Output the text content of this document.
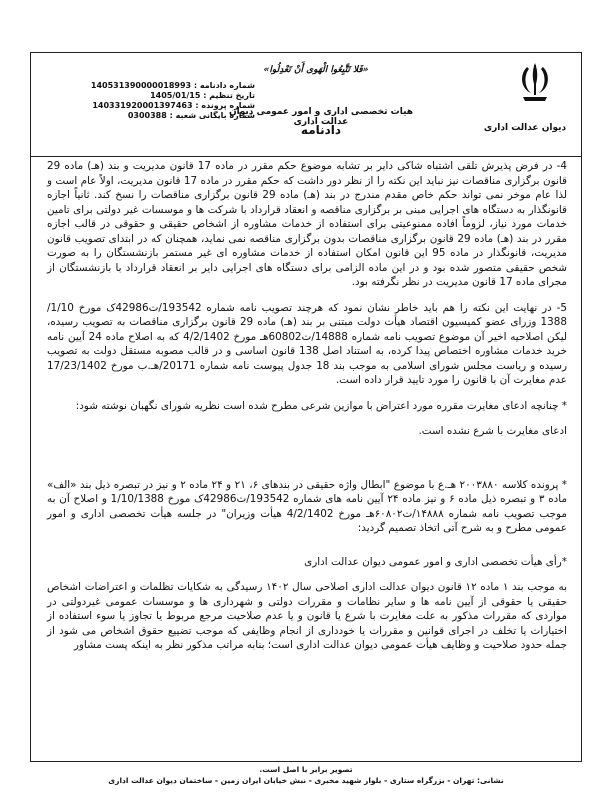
دیوان عدالت اداری
«فَلا تَتَّبِعُوا الْهَوى أَنْ تَعْدِلُوا»
شماره دادنامه : 140531390000018993
تاریخ تنظیم : 1405/01/15
شماره پرونده : 140331920001397463
شماره بایگانی شعبه : 0300388	هیات تخصصی اداری و امور عمومی دیوان عدالت اداری
دادنامه

4- در فرض پذیرش تلقی اشتباه شاکی دایر بر تشابه موضوع حکم مقرر در ماده 17 قانون مدیریت و بند (هـ) ماده 29 قانون برگزاری مناقصات نیز نباید این نکته را از نظر دور داشت که حکم مقرر در ماده 17 قانون مدیریت، اولاً عام است و لذا عام موخر نمی تواند حکم خاص مقدم مندرج در بند (هـ) ماده 29 قانون برگزاری مناقصات را نسخ کند. ثانیاً اجازه قانونگذار به دستگاه های اجرایی مبنی بر برگزاری مناقصه و انعقاد قرارداد با شرکت ها و موسسات غیر دولتی برای تامین خدمات مورد نیاز، لزوماً افاده ممنوعیتی برای استفاده از خدمات مشاوره از اشخاص حقیقی و حقوقی در قالب اجازه مقرر در بند (هـ) ماده 29 قانون برگزاری مناقصات بدون برگزاری مناقصه نمی نماید، همچنان که در ابتدای تصویب قانون مدیریت، قانونگذار در ماده 95 این قانون امکان استفاده از خدمات مشاوره ای غیر مستمر بازنشستگان را به صورت شخص حقیقی متصور شده بود و در این ماده الزامی برای دستگاه های اجرایی دایر بر انعقاد قرارداد با بازنشستگان از مجرای ماده 17 قانون مدیریت در نظر نگرفته بود.

5- در نهایت این نکته را هم باید خاطر نشان نمود که هرچند تصویب نامه شماره 193542/ت42986ک مورخ 1/10/ 1388 وزرای عضو کمیسیون اقتصاد هیأت دولت مبتنی بر بند (هـ) ماده 29 قانون برگزاری مناقصات به تصویب رسیده، لیکن اصلاحیه اخیر آن موضوع تصویب نامه شماره 14888/ت60802هـ مورخ 4/2/1402 که به اصلاح ماده 24 آیین نامه خرید خدمات مشاوره اختصاص پیدا کرده، به استناد اصل 138 قانون اساسی و در قالب مصوبه مستقل دولت به تصویب رسیده و ریاست مجلس شورای اسلامی به موجب بند 18 جدول پیوست نامه شماره 20171/هـ.ب مورخ 17/23/1402 عدم مغایرت آن با قانون را مورد تایید قرار داده است.

* چنانچه ادعای مغایرت مقرره مورد اعتراض با موازین شرعی مطرح شده است نظریه شورای نگهبان نوشته شود:

ادعای مغایرت با شرع نشده است.

* پرونده کلاسه ۲۰۰۳۸۸۰ هـ.ع با موضوع "ابطال واژه حقیقی در بندهای ۶، ۲۱ و ۲۴ ماده ۲ و نیز در تبصره ذیل بند «الف» ماده ۳ و تبصره ذیل ماده ۶ و نیز ماده ۲۴ آیین نامه های شماره 193542/ت42986ک مورخ 1/10/1388 و اصلاح آن به موجب تصویب نامه شماره ۱۴۸۸۸/ت۶۰۸۰۲هـ مورخ 4/2/1402 هیأت وزیران" در جلسه هیأت تخصصی اداری و امور عمومی مطرح و به شرح آتی اتخاذ تصمیم گردید:

*رأی هیأت تخصصی اداری و امور عمومی دیوان عدالت اداری

به موجب بند ۱ ماده ۱۲ قانون دیوان عدالت اداری اصلاحی سال ۱۴۰۲ رسیدگی به شکایات تظلمات و اعتراضات اشخاص حقیقی یا حقوقی از آیین نامه ها و سایر نظامات و مقررات دولتی و شهرداری ها و موسسات عمومی غیردولتی در مواردی که مقررات مذکور به علت مغایرت با شرع یا قانون و یا عدم صلاحیت مرجع مربوط یا تجاوز یا سوء استفاده از اختیارات یا تخلف در اجرای قوانین و مقررات یا خودداری از انجام وظایفی که موجب تضییع حقوق اشخاص می شود از جمله حدود صلاحیت و وظایف هیأت عمومی دیوان عدالت اداری است؛ بنابه مراتب مذکور نظر به اینکه پست مشاور

تصویر برابر با اصل است.
نشانی: تهران - بزرگراه ستاری - بلوار شهید مخبری - نبش خیابان ایران زمین - ساختمان دیوان عدالت اداری
